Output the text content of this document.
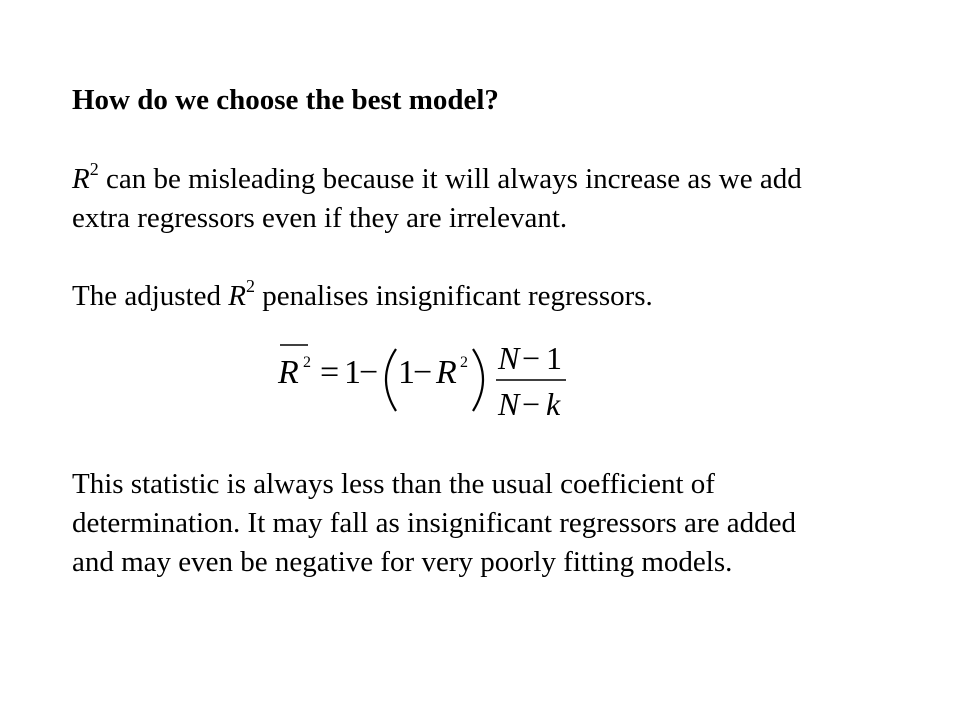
How do we choose the best model?
$R^2$ can be misleading because it will always increase as we add
extra regressors even if they are irrelevant.
The adjusted $R^2$ penalises insignificant regressors.
R 2 = 1
− 1
− R 2 N − 1
N − k
This statistic is always less than the usual coefficient of
determination. It may fall as insignificant regressors are added
and may even be negative for very poorly fitting models.
